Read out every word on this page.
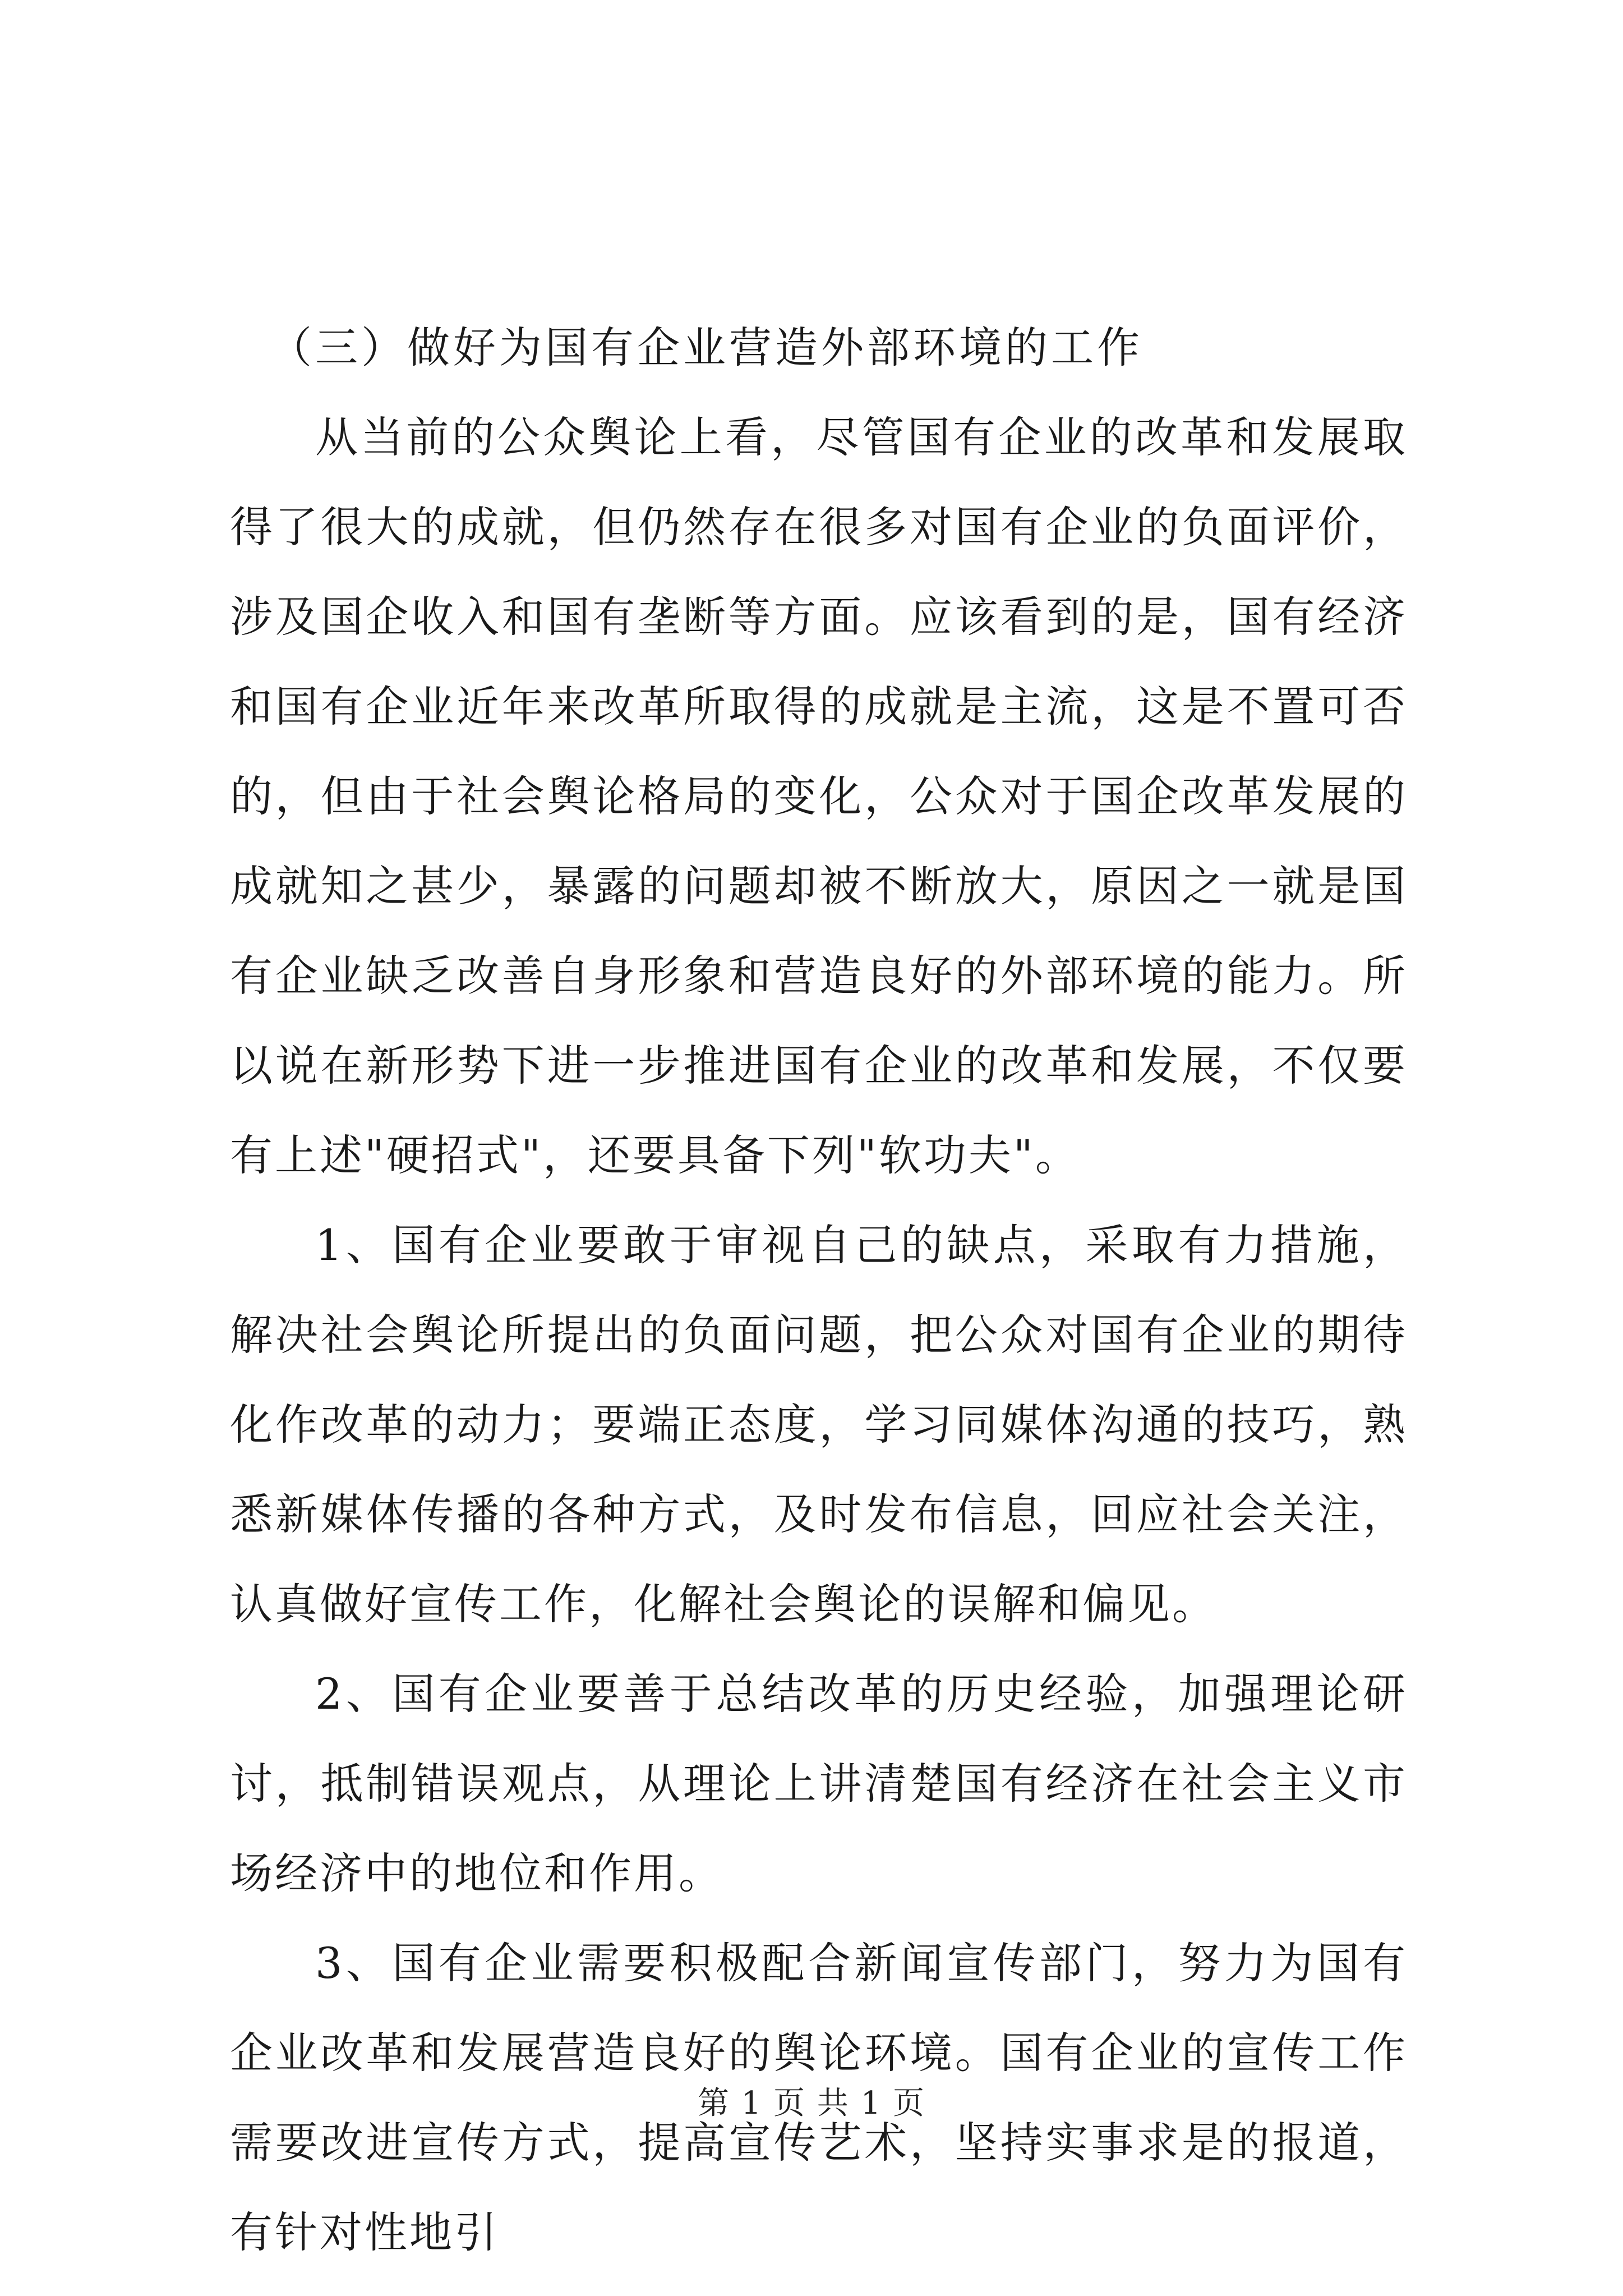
（三）做好为国有企业营造外部环境的工作

从当前的公众舆论上看，尽管国有企业的改革和发展取得了很大的成就，但仍然存在很多对国有企业的负面评价，涉及国企收入和国有垄断等方面。应该看到的是，国有经济和国有企业近年来改革所取得的成就是主流，这是不置可否的，但由于社会舆论格局的变化，公众对于国企改革发展的成就知之甚少，暴露的问题却被不断放大，原因之一就是国有企业缺乏改善自身形象和营造良好的外部环境的能力。所以说在新形势下进一步推进国有企业的改革和发展，不仅要有上述"硬招式"，还要具备下列"软功夫"。

1、国有企业要敢于审视自己的缺点，采取有力措施，解决社会舆论所提出的负面问题，把公众对国有企业的期待化作改革的动力；要端正态度，学习同媒体沟通的技巧，熟悉新媒体传播的各种方式，及时发布信息，回应社会关注，认真做好宣传工作，化解社会舆论的误解和偏见。

2、国有企业要善于总结改革的历史经验，加强理论研讨，抵制错误观点，从理论上讲清楚国有经济在社会主义市场经济中的地位和作用。

3、国有企业需要积极配合新闻宣传部门，努力为国有企业改革和发展营造良好的舆论环境。国有企业的宣传工作需要改进宣传方式，提高宣传艺术，坚持实事求是的报道，有针对性地引

第 1 页 共 1 页
